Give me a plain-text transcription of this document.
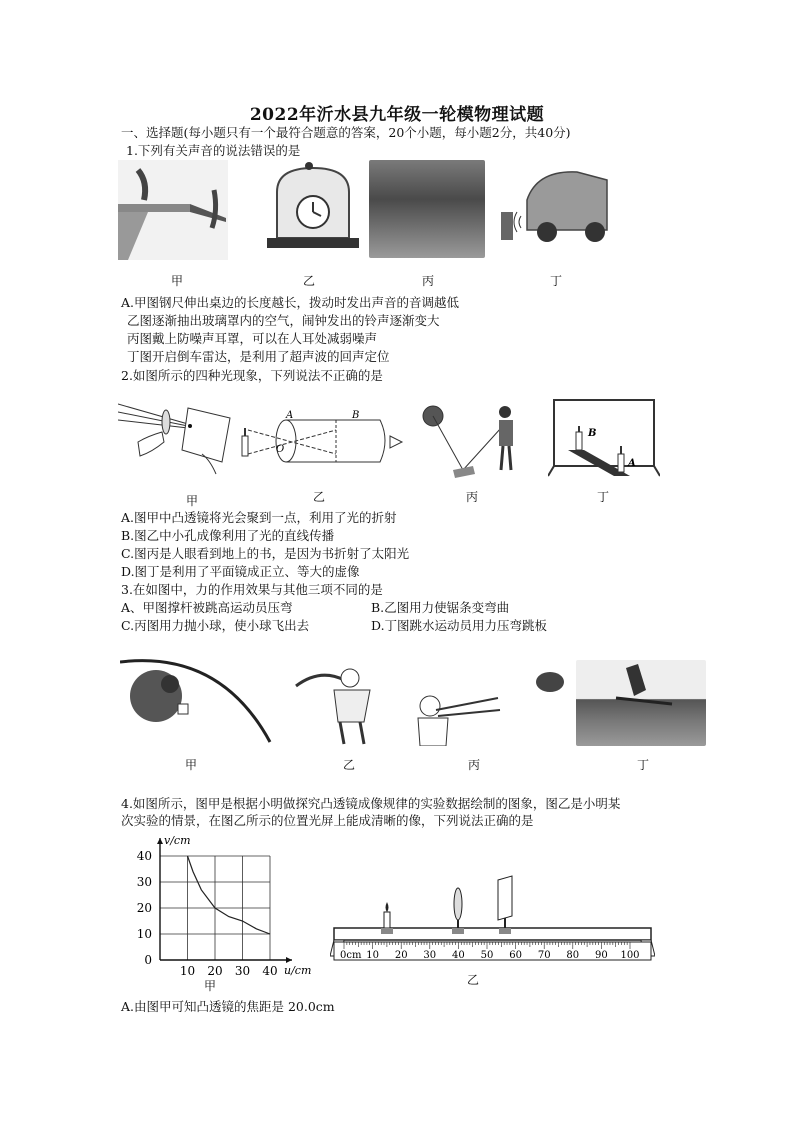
2022年沂水县九年级一轮模物理试题
一、选择题(每小题只有一个最符合题意的答案，20个小题，每小题2分，共40分)
1.下列有关声音的说法错误的是
甲	乙	丙	丁
A.甲图钢尺伸出桌边的长度越长，拨动时发出声音的音调越低
乙图逐渐抽出玻璃罩内的空气，闹钟发出的铃声逐渐变大
丙图戴上防噪声耳罩，可以在人耳处减弱噪声
丁图开启倒车雷达，是利用了超声波的回声定位
2.如图所示的四种光现象，下列说法不正确的是
A	B
O
B
A
甲	乙	丙	丁
A.图甲中凸透镜将光会聚到一点，利用了光的折射
B.图乙中小孔成像利用了光的直线传播
C.图丙是人眼看到地上的书，是因为书折射了太阳光
D.图丁是利用了平面镜成正立、等大的虚像
3.在如图中，力的作用效果与其他三项不同的是
A、甲图撑杆被跳高运动员压弯	B.乙图用力使锯条变弯曲
C.丙图用力抛小球，使小球飞出去	D.丁图跳水运动员用力压弯跳板
甲	乙	丙	丁
4.如图所示，图甲是根据小明做探究凸透镜成像规律的实验数据绘制的图象，图乙是小明某
次实验的情景，在图乙所示的位置光屏上能成清晰的像，下列说法正确的是
10 20 30 40
0
10
20
30
40
v/cm
u/cm
甲
0cm 10 20 30 40 50 60 70 80 90 100
乙
A.由图甲可知凸透镜的焦距是 20.0cm
